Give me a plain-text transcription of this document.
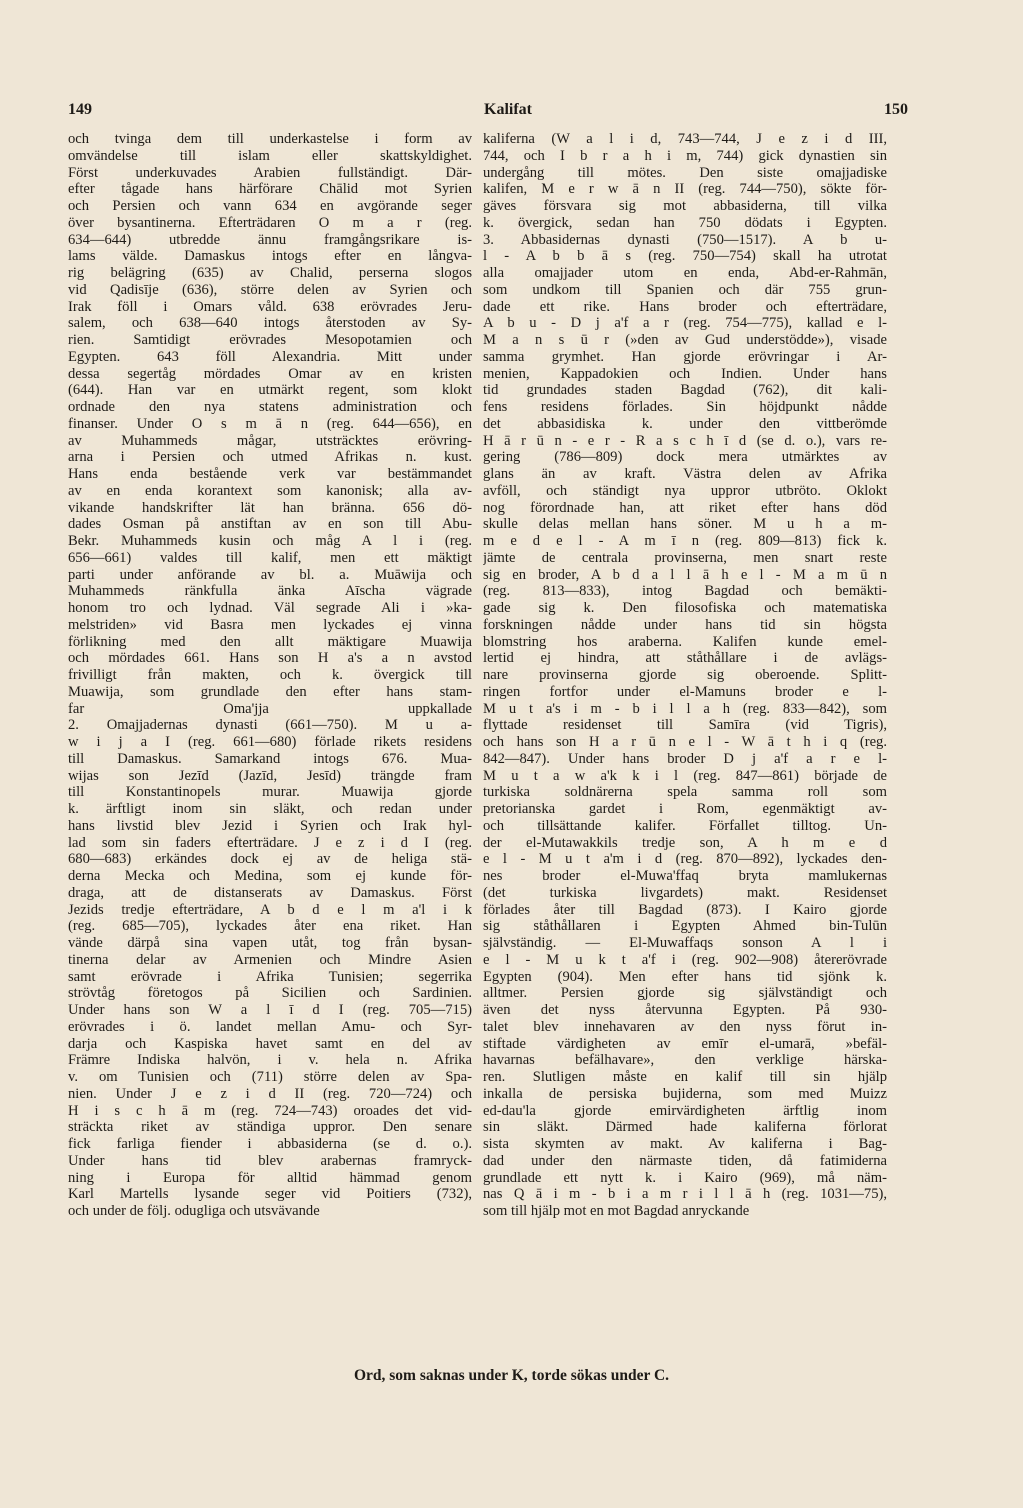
149	Kalifat	150
och tvinga dem till underkastelse i form av
omvändelse till islam eller skattskyldighet.
Först underkuvades Arabien fullständigt. Där-
efter tågade hans härförare Chālid mot Syrien
och Persien och vann 634 en avgörande seger
över bysantinerna. Efterträdaren O m a r (reg.
634—644) utbredde ännu framgångsrikare is-
lams välde. Damaskus intogs efter en långva-
rig belägring (635) av Chalid, perserna slogos
vid Qadisīje (636), större delen av Syrien och
Irak föll i Omars våld. 638 erövrades Jeru-
salem, och 638—640 intogs återstoden av Sy-
rien. Samtidigt erövrades Mesopotamien och
Egypten. 643 föll Alexandria. Mitt under
dessa segertåg mördades Omar av en kristen
(644). Han var en utmärkt regent, som klokt
ordnade den nya statens administration och
finanser. Under O s m ā n (reg. 644—656), en
av Muhammeds mågar, utsträcktes erövring-
arna i Persien och utmed Afrikas n. kust.
Hans enda bestående verk var bestämmandet
av en enda korantext som kanonisk; alla av-
vikande handskrifter lät han bränna. 656 dö-
dades Osman på anstiftan av en son till Abu-
Bekr. Muhammeds kusin och måg A l i (reg.
656—661) valdes till kalif, men ett mäktigt
parti under anförande av bl. a. Muāwija och
Muhammeds ränkfulla änka Aīscha vägrade
honom tro och lydnad. Väl segrade Ali i »ka-
melstriden» vid Basra men lyckades ej vinna
förlikning med den allt mäktigare Muawija
och mördades 661. Hans son H a's a n avstod
frivilligt från makten, och k. övergick till
Muawija, som grundlade den efter hans stam-
far Oma'jja uppkallade
2. Omajjadernas dynasti (661—750). M u a-
w i j a I (reg. 661—680) förlade rikets residens
till Damaskus. Samarkand intogs 676. Mua-
wijas son Jezīd (Jazīd, Jesīd) trängde fram
till Konstantinopels murar. Muawija gjorde
k. ärftligt inom sin släkt, och redan under
hans livstid blev Jezid i Syrien och Irak hyl-
lad som sin faders efterträdare. J e z i d I (reg.
680—683) erkändes dock ej av de heliga stä-
derna Mecka och Medina, som ej kunde för-
draga, att de distanserats av Damaskus. Först
Jezids tredje efterträdare, A b d e l m a'l i k
(reg. 685—705), lyckades åter ena riket. Han
vände därpå sina vapen utåt, tog från bysan-
tinerna delar av Armenien och Mindre Asien
samt erövrade i Afrika Tunisien; segerrika
strövtåg företogos på Sicilien och Sardinien.
Under hans son W a l ī d I (reg. 705—715)
erövrades i ö. landet mellan Amu- och Syr-
darja och Kaspiska havet samt en del av
Främre Indiska halvön, i v. hela n. Afrika
v. om Tunisien och (711) större delen av Spa-
nien. Under J e z i d II (reg. 720—724) och
H i s c h ā m (reg. 724—743) oroades det vid-
sträckta riket av ständiga uppror. Den senare
fick farliga fiender i abbasiderna (se d. o.).
Under hans tid blev arabernas framryck-
ning i Europa för alltid hämmad genom
Karl Martells lysande seger vid Poitiers (732),
och under de följ. odugliga och utsvävande
kaliferna (W a l i d, 743—744, J e z i d III,
744, och I b r a h i m, 744) gick dynastien sin
undergång till mötes. Den siste omajjadiske
kalifen, M e r w ā n II (reg. 744—750), sökte för-
gäves försvara sig mot abbasiderna, till vilka
k. övergick, sedan han 750 dödats i Egypten.
3. Abbasidernas dynasti (750—1517). A b u-
l - A b b ā s (reg. 750—754) skall ha utrotat
alla omajjader utom en enda, Abd-er-Rahmān,
som undkom till Spanien och där 755 grun-
dade ett rike. Hans broder och efterträdare,
A b u - D j a'f a r (reg. 754—775), kallad e l-
M a n s ū r (»den av Gud understödde»), visade
samma grymhet. Han gjorde erövringar i Ar-
menien, Kappadokien och Indien. Under hans
tid grundades staden Bagdad (762), dit kali-
fens residens förlades. Sin höjdpunkt nådde
det abbasidiska k. under den vittberömde
H ā r ū n - e r - R a s c h ī d (se d. o.), vars re-
gering (786—809) dock mera utmärktes av
glans än av kraft. Västra delen av Afrika
avföll, och ständigt nya uppror utbröto. Oklokt
nog förordnade han, att riket efter hans död
skulle delas mellan hans söner. M u h a m-
m e d e l - A m ī n (reg. 809—813) fick k.
jämte de centrala provinserna, men snart reste
sig en broder, A b d a l l ā h e l - M a m ū n
(reg. 813—833), intog Bagdad och bemäkti-
gade sig k. Den filosofiska och matematiska
forskningen nådde under hans tid sin högsta
blomstring hos araberna. Kalifen kunde emel-
lertid ej hindra, att ståthållare i de avlägs-
nare provinserna gjorde sig oberoende. Splitt-
ringen fortfor under el-Mamuns broder e l-
M u t a's i m - b i l l a h (reg. 833—842), som
flyttade residenset till Samīra (vid Tigris),
och hans son H a r ū n e l - W ā t h i q (reg.
842—847). Under hans broder D j a'f a r e l-
M u t a w a'k k i l (reg. 847—861) började de
turkiska soldnärerna spela samma roll som
pretorianska gardet i Rom, egenmäktigt av-
och tillsättande kalifer. Förfallet tilltog. Un-
der el-Mutawakkils tredje son, A h m e d
e l - M u t a'm i d (reg. 870—892), lyckades den-
nes broder el-Muwa'ffaq bryta mamlukernas
(det turkiska livgardets) makt. Residenset
förlades åter till Bagdad (873). I Kairo gjorde
sig ståthållaren i Egypten Ahmed bin-Tulūn
självständig. — El-Muwaffaqs sonson A l i
e l - M u k t a'f i (reg. 902—908) återerövrade
Egypten (904). Men efter hans tid sjönk k.
alltmer. Persien gjorde sig självständigt och
även det nyss återvunna Egypten. På 930-
talet blev innehavaren av den nyss förut in-
stiftade värdigheten av emīr el-umarā, »befäl-
havarnas befälhavare», den verklige härska-
ren. Slutligen måste en kalif till sin hjälp
inkalla de persiska bujiderna, som med Muizz
ed-dau'la gjorde emirvärdigheten ärftlig inom
sin släkt. Därmed hade kaliferna förlorat
sista skymten av makt. Av kaliferna i Bag-
dad under den närmaste tiden, då fatimiderna
grundlade ett nytt k. i Kairo (969), må näm-
nas Q ā i m - b i a m r i l l ā h (reg. 1031—75),
som till hjälp mot en mot Bagdad anryckande
Ord, som saknas under K, torde sökas under C.
